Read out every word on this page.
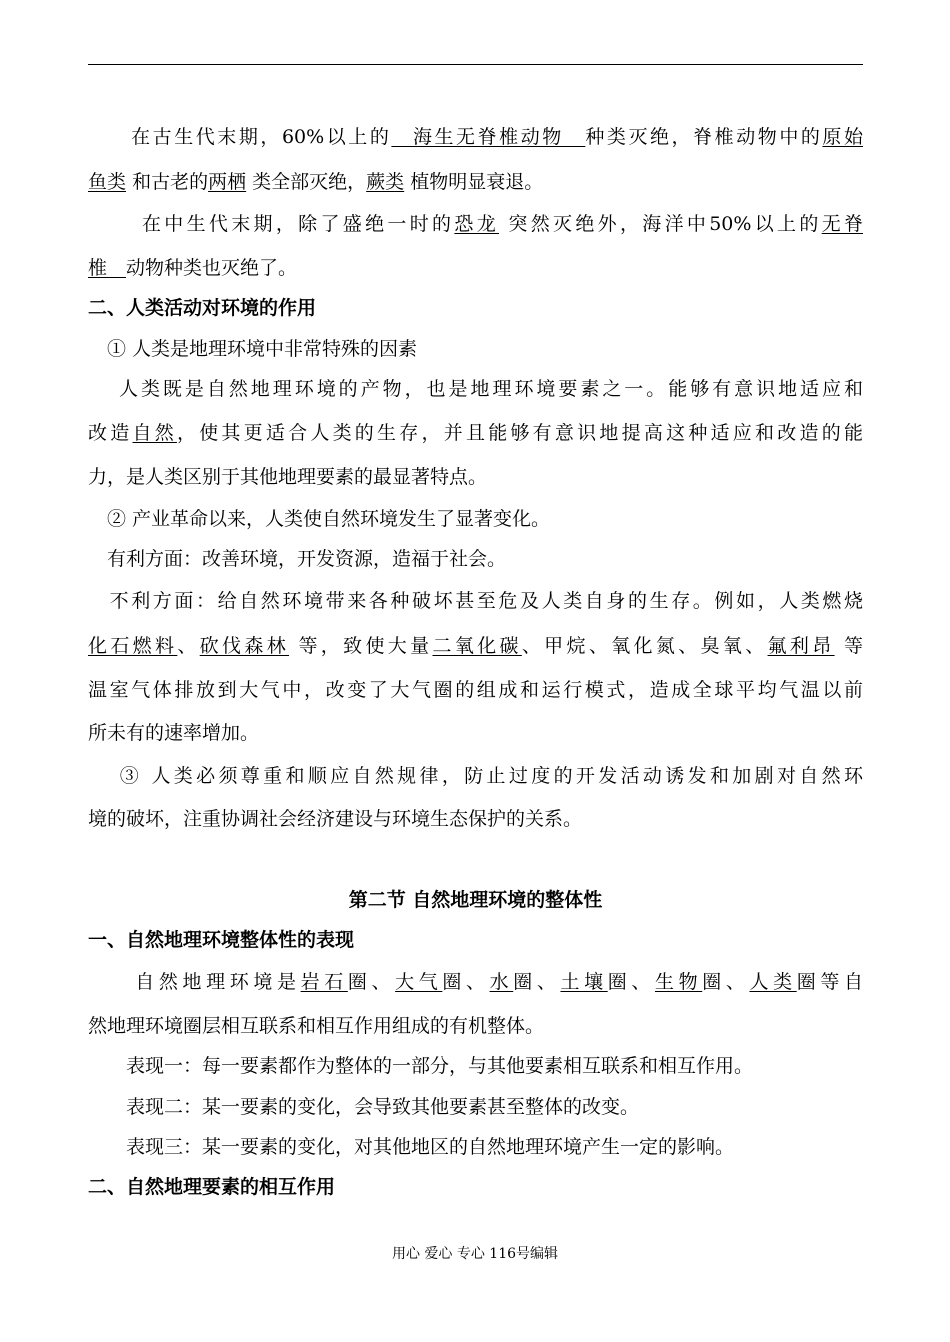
　　在古生代末期，60%以上的　海生无脊椎动物　种类灭绝，脊椎动物中的原始
鱼类 和古老的两栖 类全部灭绝，蕨类 植物明显衰退。
　　 在中生代末期，除了盛绝一时的恐龙 突然灭绝外，海洋中50%以上的无脊
椎　动物种类也灭绝了。
二、人类活动对环境的作用
　① 人类是地理环境中非常特殊的因素
　 人类既是自然地理环境的产物，也是地理环境要素之一。能够有意识地适应和
改造自然，使其更适合人类的生存，并且能够有意识地提高这种适应和改造的能
力，是人类区别于其他地理要素的最显著特点。
　② 产业革命以来，人类使自然环境发生了显著变化。
　有利方面：改善环境，开发资源，造福于社会。
　不利方面：给自然环境带来各种破坏甚至危及人类自身的生存。例如，人类燃烧
化石燃料、砍伐森林 等，致使大量二氧化碳、甲烷、氧化氮、臭氧、氟利昂 等
温室气体排放到大气中，改变了大气圈的组成和运行模式，造成全球平均气温以前
所未有的速率增加。
　 ③ 人类必须尊重和顺应自然规律，防止过度的开发活动诱发和加剧对自然环
境的破坏，注重协调社会经济建设与环境生态保护的关系。
第二节 自然地理环境的整体性
一、自然地理环境整体性的表现
　　自然地理环境是岩石圈、大气圈、水圈、土壤圈、生物圈、人类圈等自
然地理环境圈层相互联系和相互作用组成的有机整体。
　　表现一：每一要素都作为整体的一部分，与其他要素相互联系和相互作用。
　　表现二：某一要素的变化，会导致其他要素甚至整体的改变。
　　表现三：某一要素的变化，对其他地区的自然地理环境产生一定的影响。
二、自然地理要素的相互作用
用心 爱心 专心 116号编辑
